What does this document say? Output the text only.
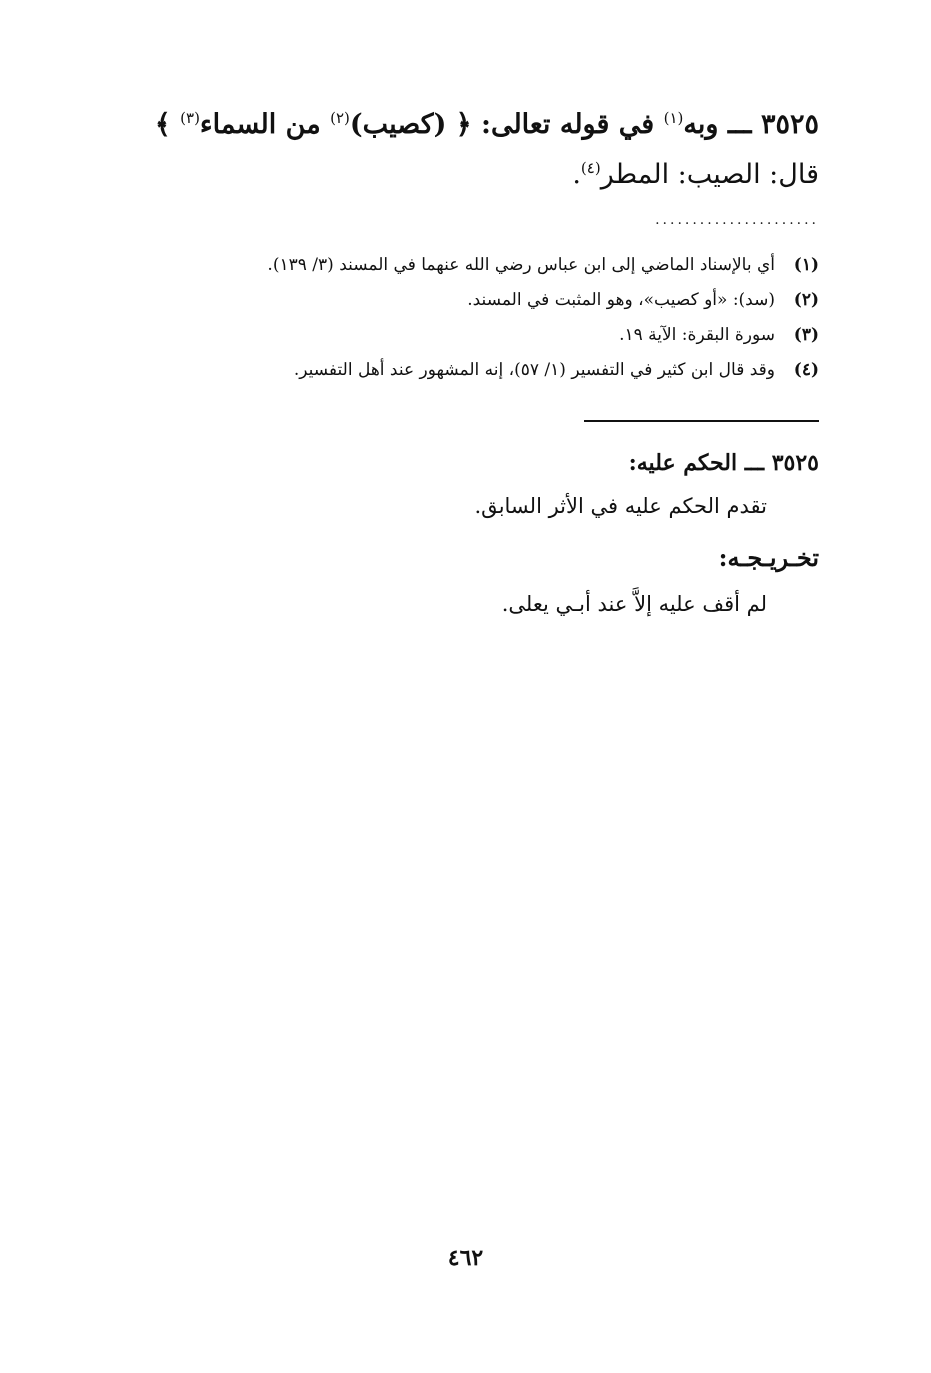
٣٥٢٥ ـــ وبه$^{(١)}$ في قوله تعالى: ﴿ (كصيب)$^{(٢)}$ من السماء$^{(٣)}$ ﴾
قال: الصيب: المطر$^{(٤)}$.
......................
(١)أي بالإسناد الماضي إلى ابن عباس رضي الله عنهما في المسند (٣/ ١٣٩).
(٢)(سد): «أو كصيب»، وهو المثبت في المسند.
(٣)سورة البقرة: الآية ١٩.
(٤)وقد قال ابن كثير في التفسير (١/ ٥٧)، إنه المشهور عند أهل التفسير.
٣٥٢٥ ـــ الحكم عليه:
تقدم الحكم عليه في الأثر السابق.
تخـريـجـه:
لم أقف عليه إلاَّ عند أبـي يعلى.
٤٦٢
